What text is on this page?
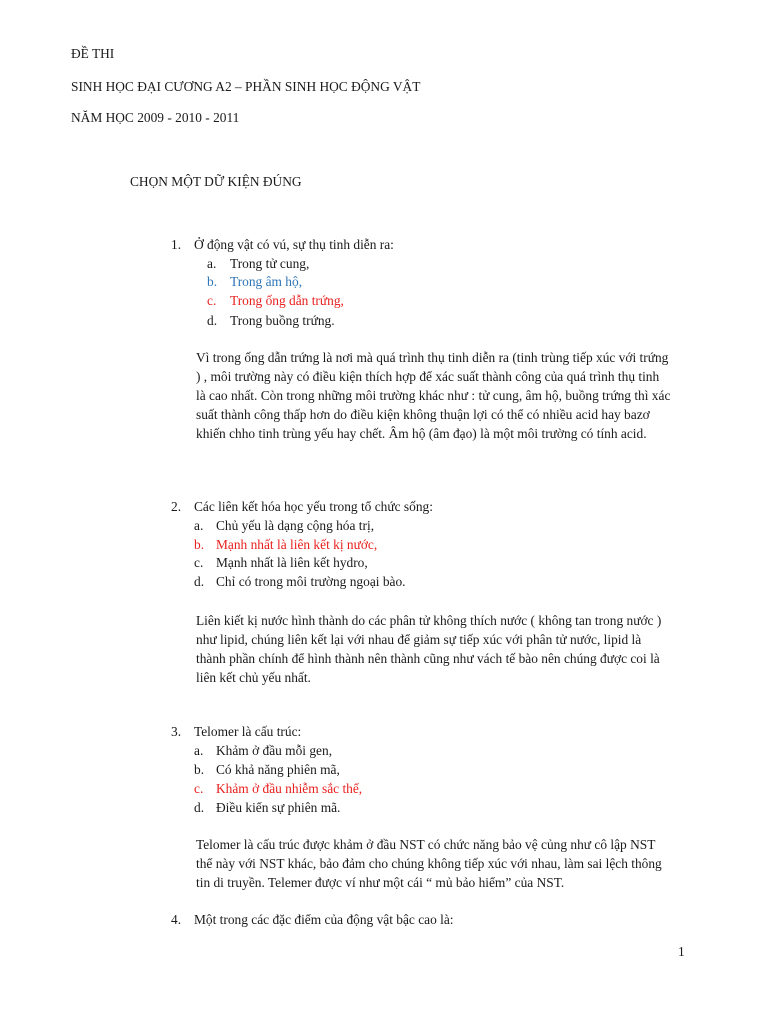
ĐỀ THI
SINH HỌC ĐẠI CƯƠNG A2 – PHẦN SINH HỌC ĐỘNG VẬT
NĂM HỌC 2009 - 2010 - 2011
CHỌN MỘT DỮ KIỆN ĐÚNG
1. Ở động vật có vú, sự thụ tinh diễn ra:
a. Trong tử cung,
b. Trong âm hộ,
c. Trong ống dẫn trứng,
d. Trong buồng trứng.
Vì trong ống dẫn trứng là nơi mà quá trình thụ tinh diễn ra (tinh trùng tiếp xúc với trứng
) , môi trường này có điều kiện thích hợp để xác suất thành công của quá trình thụ tinh
là cao nhất. Còn trong những môi trường khác như : tử cung, âm hộ, buồng trứng thì xác
suất thành công thấp hơn do điều kiện không thuận lợi có thể có nhiều acid hay bazơ
khiến chho tinh trùng yếu hay chết. Âm hộ (âm đạo) là một môi trường có tính acid.
2. Các liên kết hóa học yếu trong tổ chức sống:
a. Chủ yếu là dạng cộng hóa trị,
b. Mạnh nhất là liên kết kị nước,
c. Mạnh nhất là liên kết hydro,
d. Chỉ có trong môi trường ngoại bào.
Liên kiết kị nước hình thành do các phân tử không thích nước ( không tan trong nước )
như lipid, chúng liên kết lại với nhau để giảm sự tiếp xúc với phân tử nước, lipid là
thành phần chính để hình thành nên thành cũng như vách tế bào nên chúng được coi là
liên kết chủ yếu nhất.
3. Telomer là cấu trúc:
a. Khảm ở đầu mỗi gen,
b. Có khả năng phiên mã,
c. Khảm ở đầu nhiễm sắc thể,
d. Điều kiển sự phiên mã.
Telomer là cấu trúc được khảm ở đầu NST có chức năng bảo vệ củng như cô lập NST
thể này với NST khác, bảo đảm cho chúng không tiếp xúc với nhau, làm sai lệch thông
tin di truyền. Telemer được ví như một cái “ mủ bảo hiểm” của NST.
4. Một trong các đặc điểm của động vật bậc cao là:
1
